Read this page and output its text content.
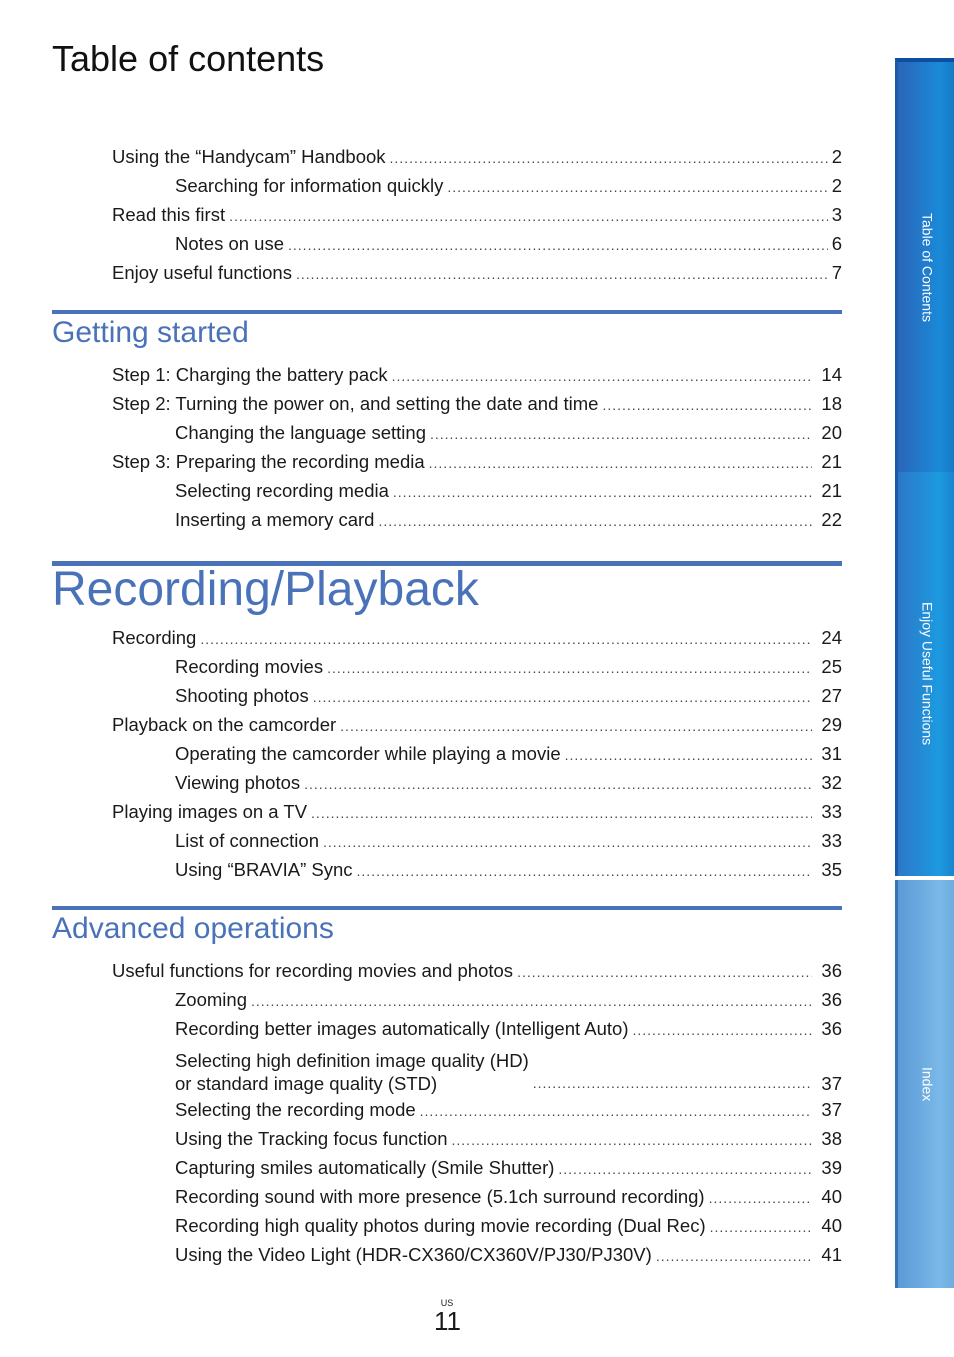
Table of contents
Using the “Handycam” Handbook .....	2
Searching for information quickly .....	2
Read this first .....	3
Notes on use .....	6
Enjoy useful functions .....	7
Getting started
Step 1: Charging the battery pack .....	14
Step 2: Turning the power on, and setting the date and time .....	18
Changing the language setting .....	20
Step 3: Preparing the recording media .....	21
Selecting recording media .....	21
Inserting a memory card .....	22
Recording/Playback
Recording .....	24
Recording movies .....	25
Shooting photos .....	27
Playback on the camcorder .....	29
Operating the camcorder while playing a movie .....	31
Viewing photos .....	32
Playing images on a TV .....	33
List of connection .....	33
Using “BRAVIA” Sync .....	35
Advanced operations
Useful functions for recording movies and photos .....	36
Zooming .....	36
Recording better images automatically (Intelligent Auto) .....	36
Selecting high definition image quality (HD)
or standard image quality (STD) .....	37
Selecting the recording mode .....	37
Using the Tracking focus function .....	38
Capturing smiles automatically (Smile Shutter) .....	39
Recording sound with more presence (5.1ch surround recording) .....	40
Recording high quality photos during movie recording (Dual Rec) .....	40
Using the Video Light (HDR-CX360/CX360V/PJ30/PJ30V) .....	41
Table of Contents
Enjoy Useful Functions
Index
US
11
